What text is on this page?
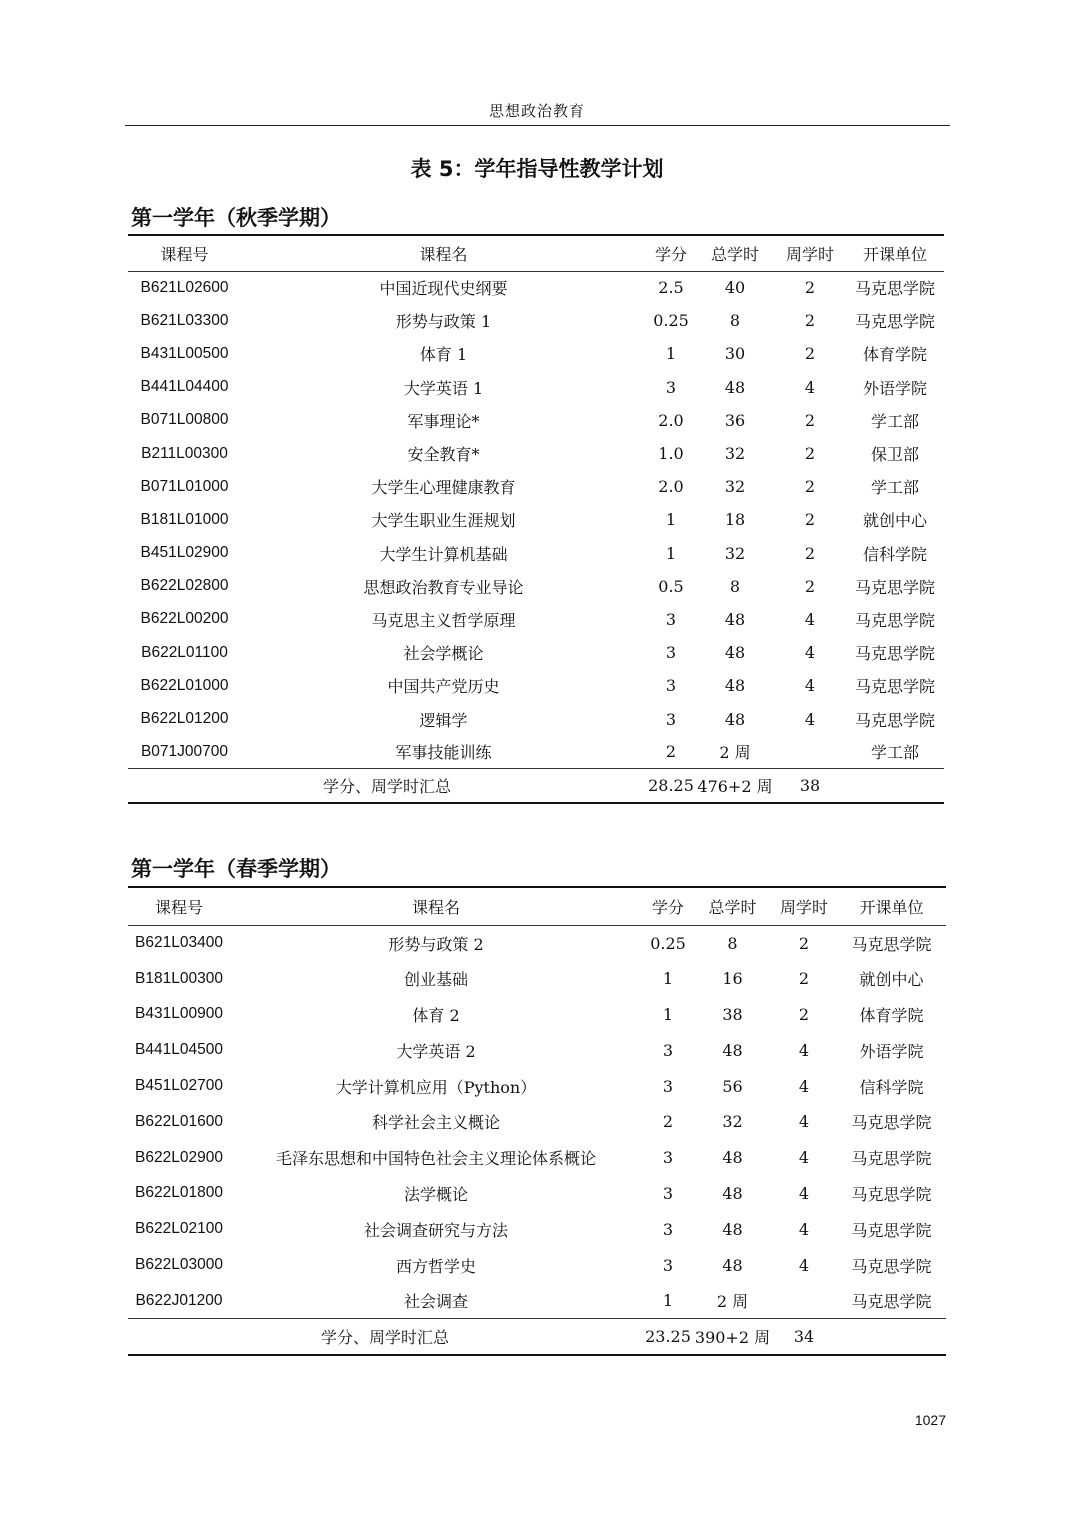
思想政治教育
表 5：学年指导性教学计划
第一学年（秋季学期）
课程号	课程名	学分	总学时	周学时	开课单位
B621L02600	中国近现代史纲要	2.5	40	2	马克思学院
B621L03300	形势与政策 1	0.25	8	2	马克思学院
B431L00500	体育 1	1	30	2	体育学院
B441L04400	大学英语 1	3	48	4	外语学院
B071L00800	军事理论*	2.0	36	2	学工部
B211L00300	安全教育*	1.0	32	2	保卫部
B071L01000	大学生心理健康教育	2.0	32	2	学工部
B181L01000	大学生职业生涯规划	1	18	2	就创中心
B451L02900	大学生计算机基础	1	32	2	信科学院
B622L02800	思想政治教育专业导论	0.5	8	2	马克思学院
B622L00200	马克思主义哲学原理	3	48	4	马克思学院
B622L01100	社会学概论	3	48	4	马克思学院
B622L01000	中国共产党历史	3	48	4	马克思学院
B622L01200	逻辑学	3	48	4	马克思学院
B071J00700	军事技能训练	2	2 周		学工部
学分、周学时汇总		28.25	476+2 周	38	
第一学年（春季学期）
课程号	课程名	学分	总学时	周学时	开课单位
B621L03400	形势与政策 2	0.25	8	2	马克思学院
B181L00300	创业基础	1	16	2	就创中心
B431L00900	体育 2	1	38	2	体育学院
B441L04500	大学英语 2	3	48	4	外语学院
B451L02700	大学计算机应用（Python）	3	56	4	信科学院
B622L01600	科学社会主义概论	2	32	4	马克思学院
B622L02900	毛泽东思想和中国特色社会主义理论体系概论	3	48	4	马克思学院
B622L01800	法学概论	3	48	4	马克思学院
B622L02100	社会调查研究与方法	3	48	4	马克思学院
B622L03000	西方哲学史	3	48	4	马克思学院
B622J01200	社会调查	1	2 周		马克思学院
学分、周学时汇总		23.25	390+2 周	34	
1027
